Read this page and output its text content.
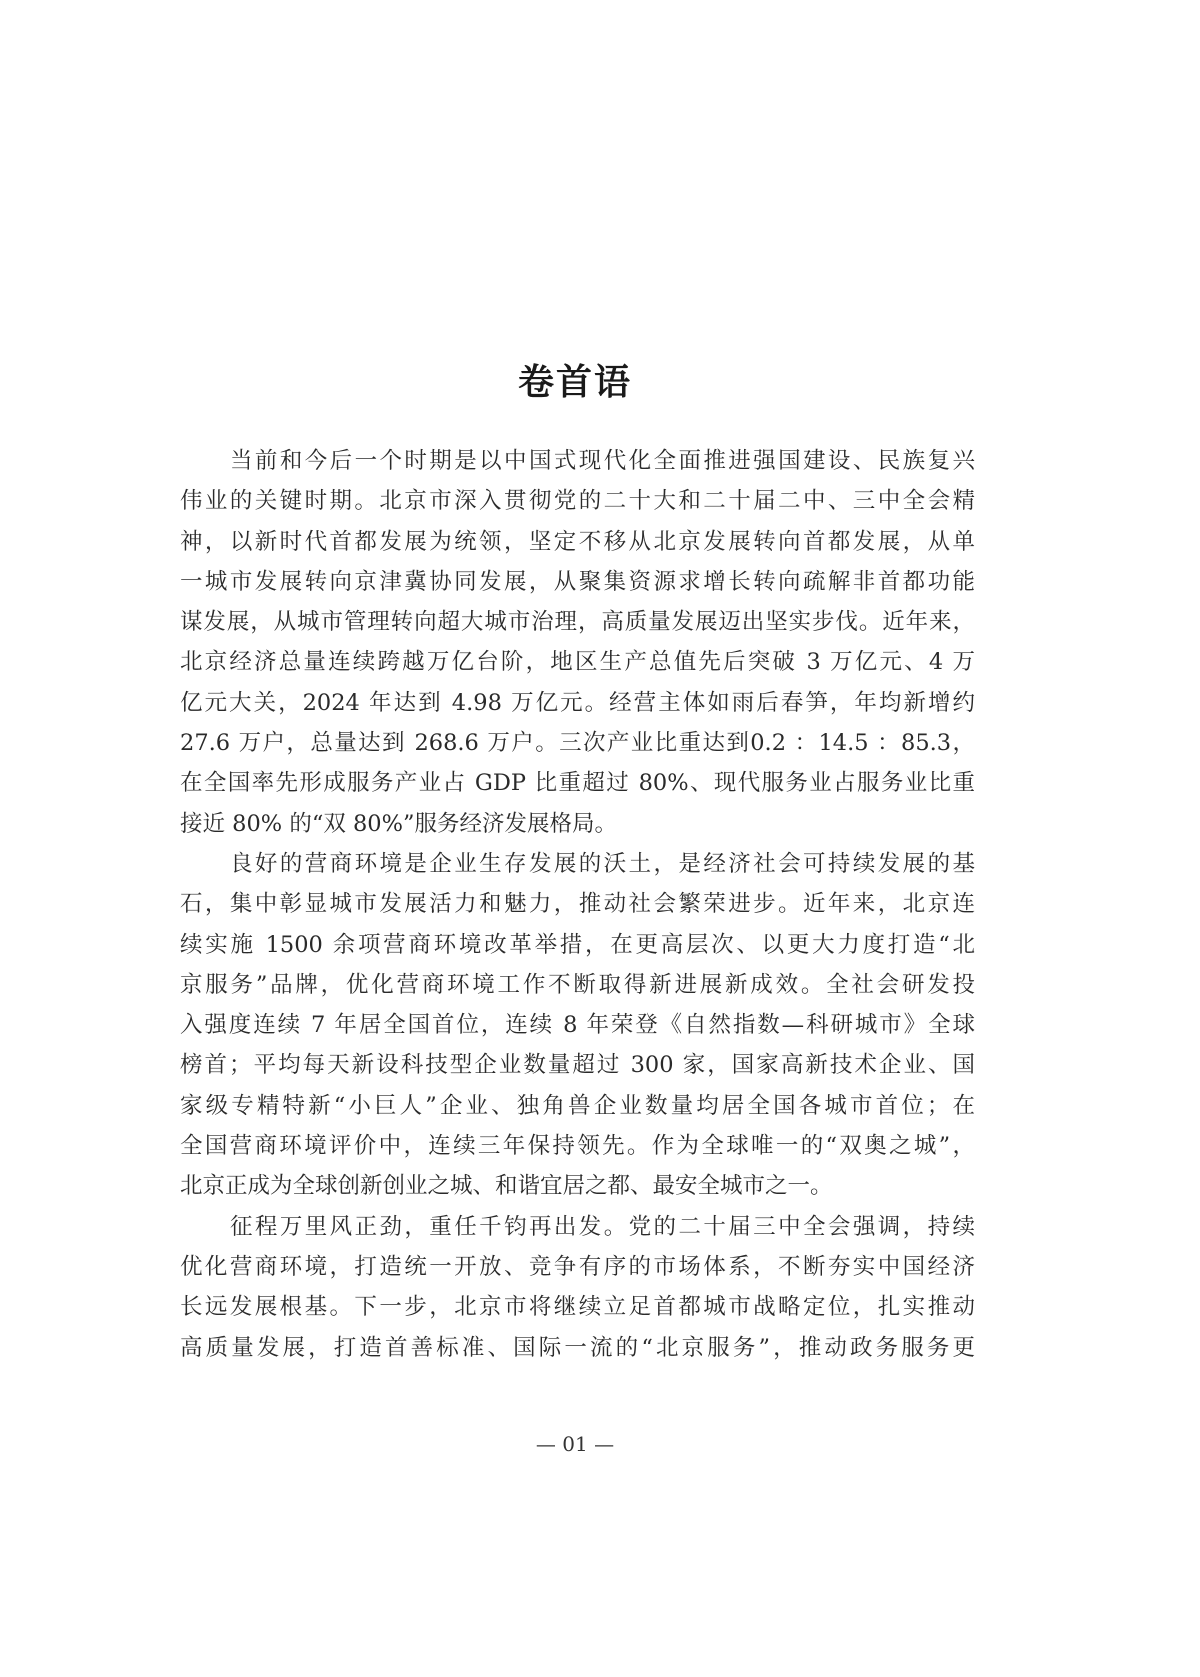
卷首语
当前和今后一个时期是以中国式现代化全面推进强国建设、民族复兴
伟业的关键时期。北京市深入贯彻党的二十大和二十届二中、三中全会精
神，以新时代首都发展为统领，坚定不移从北京发展转向首都发展，从单
一城市发展转向京津冀协同发展，从聚集资源求增长转向疏解非首都功能
谋发展，从城市管理转向超大城市治理，高质量发展迈出坚实步伐。近年来，
北京经济总量连续跨越万亿台阶，地区生产总值先后突破 3 万亿元、4 万
亿元大关，2024 年达到 4.98 万亿元。经营主体如雨后春笋，年均新增约
27.6 万户，总量达到 268.6 万户。三次产业比重达到0.2 ：14.5 ：85.3，
在全国率先形成服务产业占 GDP 比重超过 80%、现代服务业占服务业比重
接近 80% 的“双 80%”服务经济发展格局。
良好的营商环境是企业生存发展的沃土，是经济社会可持续发展的基
石，集中彰显城市发展活力和魅力，推动社会繁荣进步。近年来，北京连
续实施 1500 余项营商环境改革举措，在更高层次、以更大力度打造“北
京服务”品牌，优化营商环境工作不断取得新进展新成效。全社会研发投
入强度连续 7 年居全国首位，连续 8 年荣登《自然指数—科研城市》全球
榜首；平均每天新设科技型企业数量超过 300 家，国家高新技术企业、国
家级专精特新“小巨人”企业、独角兽企业数量均居全国各城市首位；在
全国营商环境评价中，连续三年保持领先。作为全球唯一的“双奥之城”，
北京正成为全球创新创业之城、和谐宜居之都、最安全城市之一。
征程万里风正劲，重任千钧再出发。党的二十届三中全会强调，持续
优化营商环境，打造统一开放、竞争有序的市场体系，不断夯实中国经济
长远发展根基。下一步，北京市将继续立足首都城市战略定位，扎实推动
高质量发展，打造首善标准、国际一流的“北京服务”，推动政务服务更
— 01 —
